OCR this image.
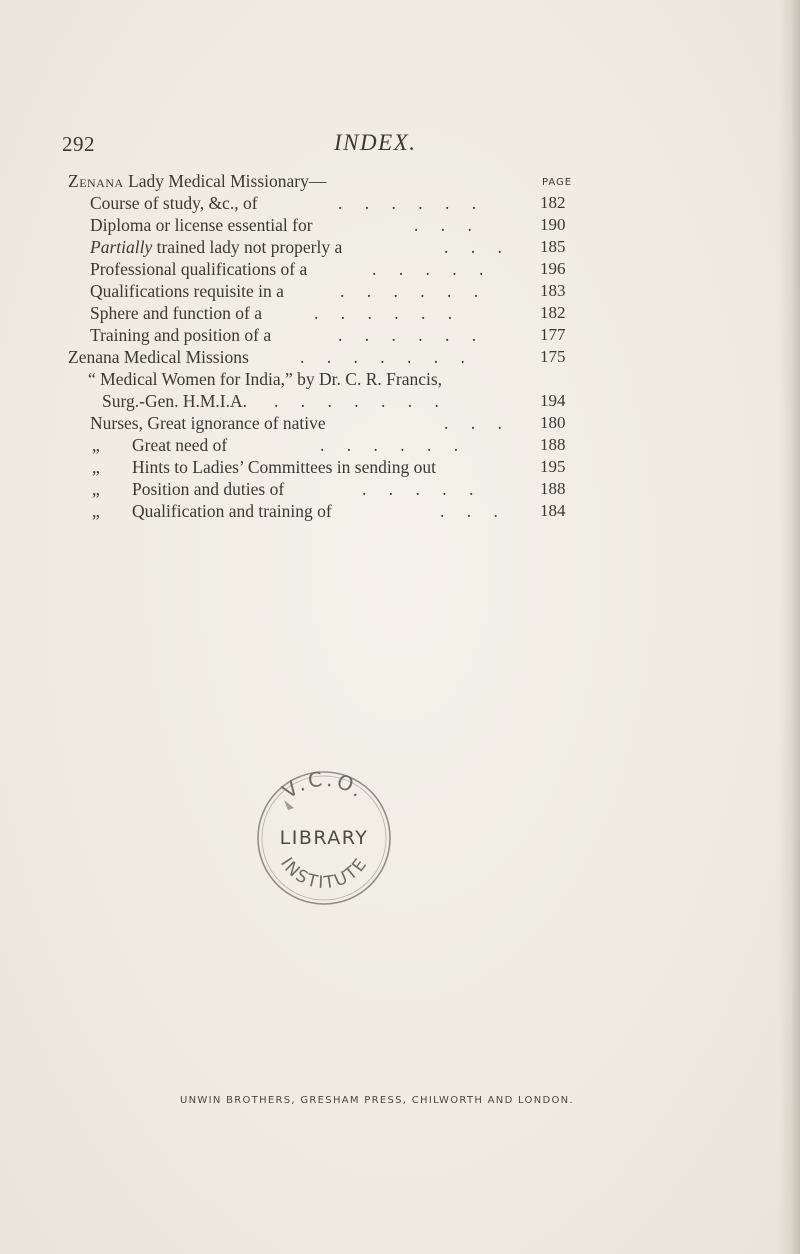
292	INDEX.
Zenana Lady Medical Missionary—	PAGE
Course of study, &c., of	. . . . . .	182
Diploma or license essential for	. . .	190
Partially trained lady not properly a	. . . 185
Professional qualifications of a	. . . . .	196
Qualifications requisite in a	. . . . . .	183
Sphere and function of a	. . . . . .	182
Training and position of a	. . . . . .	177
Zenana Medical Missions	. . . . . . .	175
“ Medical Women for India,” by Dr. C. R. Francis,
Surg.-Gen. H.M.I.A. . . . . . . .	194
Nurses, Great ignorance of native	. . . 180
„ Great need of	. . . . . .	188
„ Hints to Ladies’ Committees in sending out	195
„ Position and duties of	. . . . .	188
„ Qualification and training of	. . . 184
V.C.O.
LIBRARY
INSTITUTE
UNWIN BROTHERS, GRESHAM PRESS, CHILWORTH AND LONDON.
